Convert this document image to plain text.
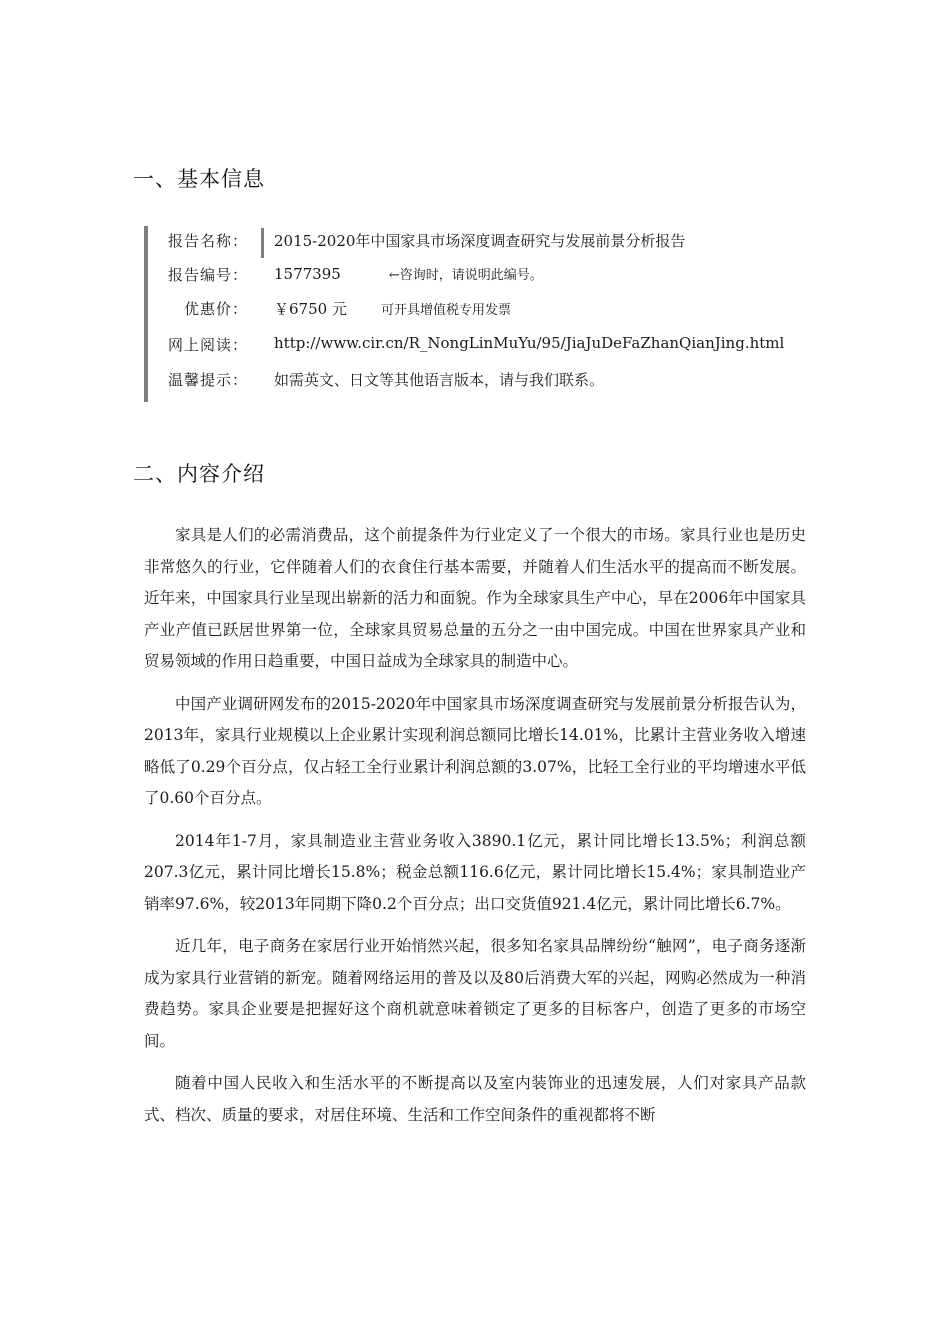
一、基本信息
报告名称： 2015-2020年中国家具市场深度调查研究与发展前景分析报告
报告编号： 1577395	←咨询时，请说明此编号。
优惠价： ￥6750 元	可开具增值税专用发票
网上阅读： http://www.cir.cn/R_NongLinMuYu/95/JiaJuDeFaZhanQianJing.html
温馨提示： 如需英文、日文等其他语言版本，请与我们联系。
二、内容介绍

家具是人们的必需消费品，这个前提条件为行业定义了一个很大的市场。家具行业也是历史非常悠久的行业，它伴随着人们的衣食住行基本需要，并随着人们生活水平的提高而不断发展。近年来，中国家具行业呈现出崭新的活力和面貌。作为全球家具生产中心，早在2006年中国家具产业产值已跃居世界第一位，全球家具贸易总量的五分之一由中国完成。中国在世界家具产业和贸易领域的作用日趋重要，中国日益成为全球家具的制造中心。

中国产业调研网发布的2015-2020年中国家具市场深度调查研究与发展前景分析报告认为，2013年，家具行业规模以上企业累计实现利润总额同比增长14.01%，比累计主营业务收入增速略低了0.29个百分点，仅占轻工全行业累计利润总额的3.07%，比轻工全行业的平均增速水平低了0.60个百分点。

2014年1-7月，家具制造业主营业务收入3890.1亿元，累计同比增长13.5%；利润总额207.3亿元，累计同比增长15.8%；税金总额116.6亿元，累计同比增长15.4%；家具制造业产销率97.6%，较2013年同期下降0.2个百分点；出口交货值921.4亿元，累计同比增长6.7%。

近几年，电子商务在家居行业开始悄然兴起，很多知名家具品牌纷纷“触网”，电子商务逐渐成为家具行业营销的新宠。随着网络运用的普及以及80后消费大军的兴起，网购必然成为一种消费趋势。家具企业要是把握好这个商机就意味着锁定了更多的目标客户，创造了更多的市场空间。

随着中国人民收入和生活水平的不断提高以及室内装饰业的迅速发展，人们对家具产品款式、档次、质量的要求，对居住环境、生活和工作空间条件的重视都将不断
